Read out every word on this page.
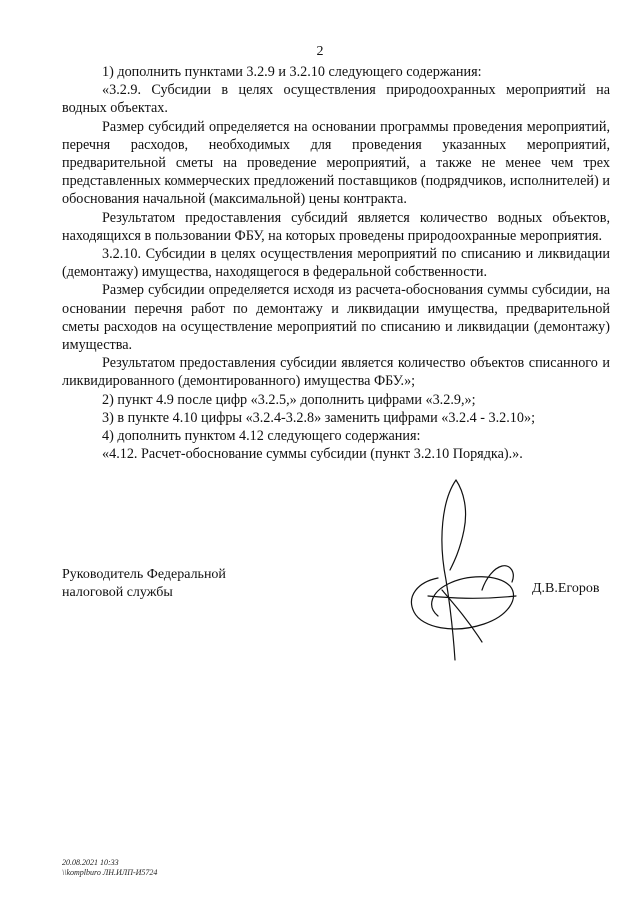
2

1) дополнить пунктами 3.2.9 и 3.2.10 следующего содержания:

«3.2.9. Субсидии в целях осуществления природоохранных мероприятий на водных объектах.

Размер субсидий определяется на основании программы проведения мероприятий, перечня расходов, необходимых для проведения указанных мероприятий, предварительной сметы на проведение мероприятий, а также не менее чем трех представленных коммерческих предложений поставщиков (подрядчиков, исполнителей) и обоснования начальной (максимальной) цены контракта.

Результатом предоставления субсидий является количество водных объектов, находящихся в пользовании ФБУ, на которых проведены природоохранные мероприятия.

3.2.10. Субсидии в целях осуществления мероприятий по списанию и ликвидации (демонтажу) имущества, находящегося в федеральной собственности.

Размер субсидии определяется исходя из расчета-обоснования суммы субсидии, на основании перечня работ по демонтажу и ликвидации имущества, предварительной сметы расходов на осуществление мероприятий по списанию и ликвидации (демонтажу) имущества.

Результатом предоставления субсидии является количество объектов списанного и ликвидированного (демонтированного) имущества ФБУ.»;

2) пункт 4.9 после цифр «3.2.5,» дополнить цифрами «3.2.9,»;

3) в пункте 4.10 цифры «3.2.4-3.2.8» заменить цифрами «3.2.4 - 3.2.10»;

4) дополнить пунктом 4.12 следующего содержания:

«4.12. Расчет-обоснование суммы субсидии (пункт 3.2.10 Порядка).».

Руководитель Федеральной
налоговой службы	Д.В.Егоров
20.08.2021 10:33
\\komplburo ЛН.ИЛП-И5724
